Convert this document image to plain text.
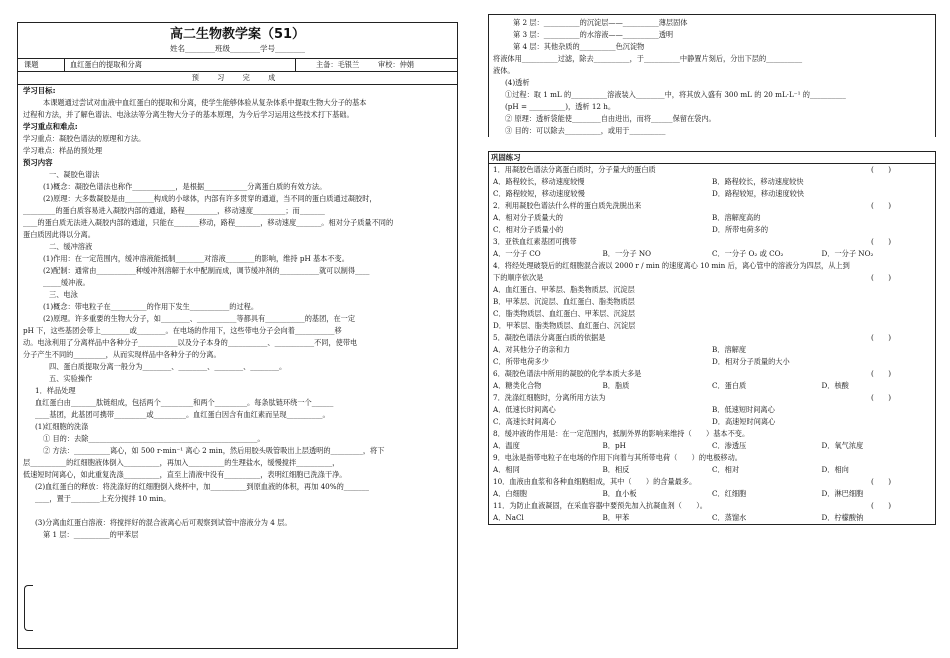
高二生物教学案（51）
姓名________班级________学号________
课题	血红蛋白的提取和分离	主备：毛银兰	审校：仲娟
预 习 完 成

学习目标:

本课题通过尝试对血液中血红蛋白的提取和分离，使学生能够体验从复杂体系中提取生物大分子的基本

过程和方法，并了解色谱法、电泳法等分离生物大分子的基本原理，为今后学习运用这些技术打下基础。

学习重点和难点:

学习重点：凝胶色谱法的原理和方法。

学习难点：样品的预处理

预习内容

一、凝胶色谱法

(1)概念：凝胶色谱法也称作____________，是根据____________分离蛋白质的有效方法。

(2)原理：大多数凝胶是由________构成的小球体，内部有许多贯穿的通道，当不同的蛋白质通过凝胶时，

_________的蛋白质容易进入凝胶内部的通道，路程_________，移动速度_________；而_______

____的蛋白质无法进入凝胶内部的通道，只能在_______移动，路程_______，移动速度_______。相对分子质量不同的

蛋白质因此得以分离。

二、缓冲溶液

(1)作用：在一定范围内，缓冲溶液能抵制________对溶液________的影响，维持 pH 基本不变。

(2)配制：通常由___________种缓冲剂溶解于水中配制而成，调节缓冲剂的___________就可以制得____

_____缓冲液。

三、电泳

(1)概念：带电粒子在__________的作用下发生___________的过程。

(2)原理。许多重要的生物大分子，如________、___________等都具有___________的基团，在一定

pH 下，这些基团会带上________或________。在电场的作用下，这些带电分子会向着___________移

动。电泳利用了分离样品中各种分子___________以及分子本身的___________、___________不同，使带电

分子产生不同的_________，从而实现样品中各种分子的分离。

四、蛋白质提取分离一般分为________、________、________、________。

五、实验操作

1．样品处理

血红蛋白由_______肽链组成，包括两个_________和两个_________。每条肽链环绕一个______

____基团，此基团可携带_________或_________。血红蛋白因含有血红素而呈现__________。

(1)红细胞的洗涤

① 目的：去除_______________________________________________。

② 方法：__________离心，如 500 r·min⁻¹ 离心 2 min，然后用胶头吸管吸出上层透明的_________，将下

层__________的红细胞液体倒入__________，再加入__________的生理盐水，缓慢搅拌__________，

低速短时间离心，如此重复洗涤__________，直至上清液中没有__________，表明红细胞已洗涤干净。

(2)血红蛋白的释放：将洗涤好的红细胞倒入烧杯中，加__________到原血液的体积，再加 40%的_______

____，置于________上充分搅拌 10 min。

(3)分离血红蛋白溶液：将搅拌好的混合液离心后可观察到试管中溶液分为 4 层。

第 1 层：__________的甲苯层

第 2 层：__________的沉淀层——__________薄层固体

第 3 层：__________的水溶液——__________透明

第 4 层：其他杂质的__________色沉淀物

将液体用__________过滤，除去__________，于__________中静置片刻后，分出下层的__________

液体。

(4)透析

①过程：取 1 mL 的__________溶液装入________中，将其放入盛有 300 mL 的 20 mL·L⁻¹ 的__________

(pH = __________)，透析 12 h。

② 原理：透析袋能使________自由进出，而将______保留在袋内。

③ 目的：可以除去__________，或用于__________

巩固练习

1．用凝胶色谱法分离蛋白质时，分子量大的蛋白质	(　　)

A．路程较长，移动速度较慢	B．路程较长，移动速度较快
C．路程较短，移动速度较慢	D．路程较短，移动速度较快

2．利用凝胶色谱法什么样的蛋白质先洗脱出来	(　　)

A．相对分子质量大的	B．溶解度高的
C．相对分子质量小的	D．所带电荷多的

3．亚铁血红素基团可携带	(　　)

A．一分子 CO	B．一分子 NO	C．一分子 O₂ 或 CO₂	D．一分子 NO₂

4．将经处理破裂后的红细胞混合液以 2000 r / min 的速度离心 10 min 后，离心管中的溶液分为四层，从上到

下的顺序依次是	(　　)

A．血红蛋白、甲苯层、脂类物质层、沉淀层
B．甲苯层、沉淀层、血红蛋白、脂类物质层
C．脂类物质层、血红蛋白、甲苯层、沉淀层
D．甲苯层、脂类物质层、血红蛋白、沉淀层

5．凝胶色谱法分离蛋白质的依据是	(　　)

A．对其他分子的亲和力	B．溶解度
C．所带电荷多少	D．相对分子质量的大小

6．凝胶色谱法中所用的凝胶的化学本质大多是	(　　)

A．糖类化合物	B．脂质	C．蛋白质	D．核酸

7．洗涤红细胞时，分离所用方法为	(　　)

A．低速长时间离心	B．低速短时间离心
C．高速长时间离心	D．高速短时间离心

8．缓冲液的作用是：在一定范围内，抵制外界的影响来维持（　　）基本不变。

A．温度	B．pH	C．渗透压	D．氧气浓度

9．电泳是指带电粒子在电场的作用下向着与其所带电荷（　　）的电极移动。

A．相同	B．相反	C．相对	D．相向

10．血液由血浆和各种血细胞组成，其中（　　）的含量最多。	(　　)

A．白细胞	B．血小板	C．红细胞	D．淋巴细胞

11．为防止血液凝固，在采血容器中要预先加入抗凝血剂（　　）。	(　　)

A．NaCl	B．甲苯	C．蒸馏水	D．柠檬酸钠
